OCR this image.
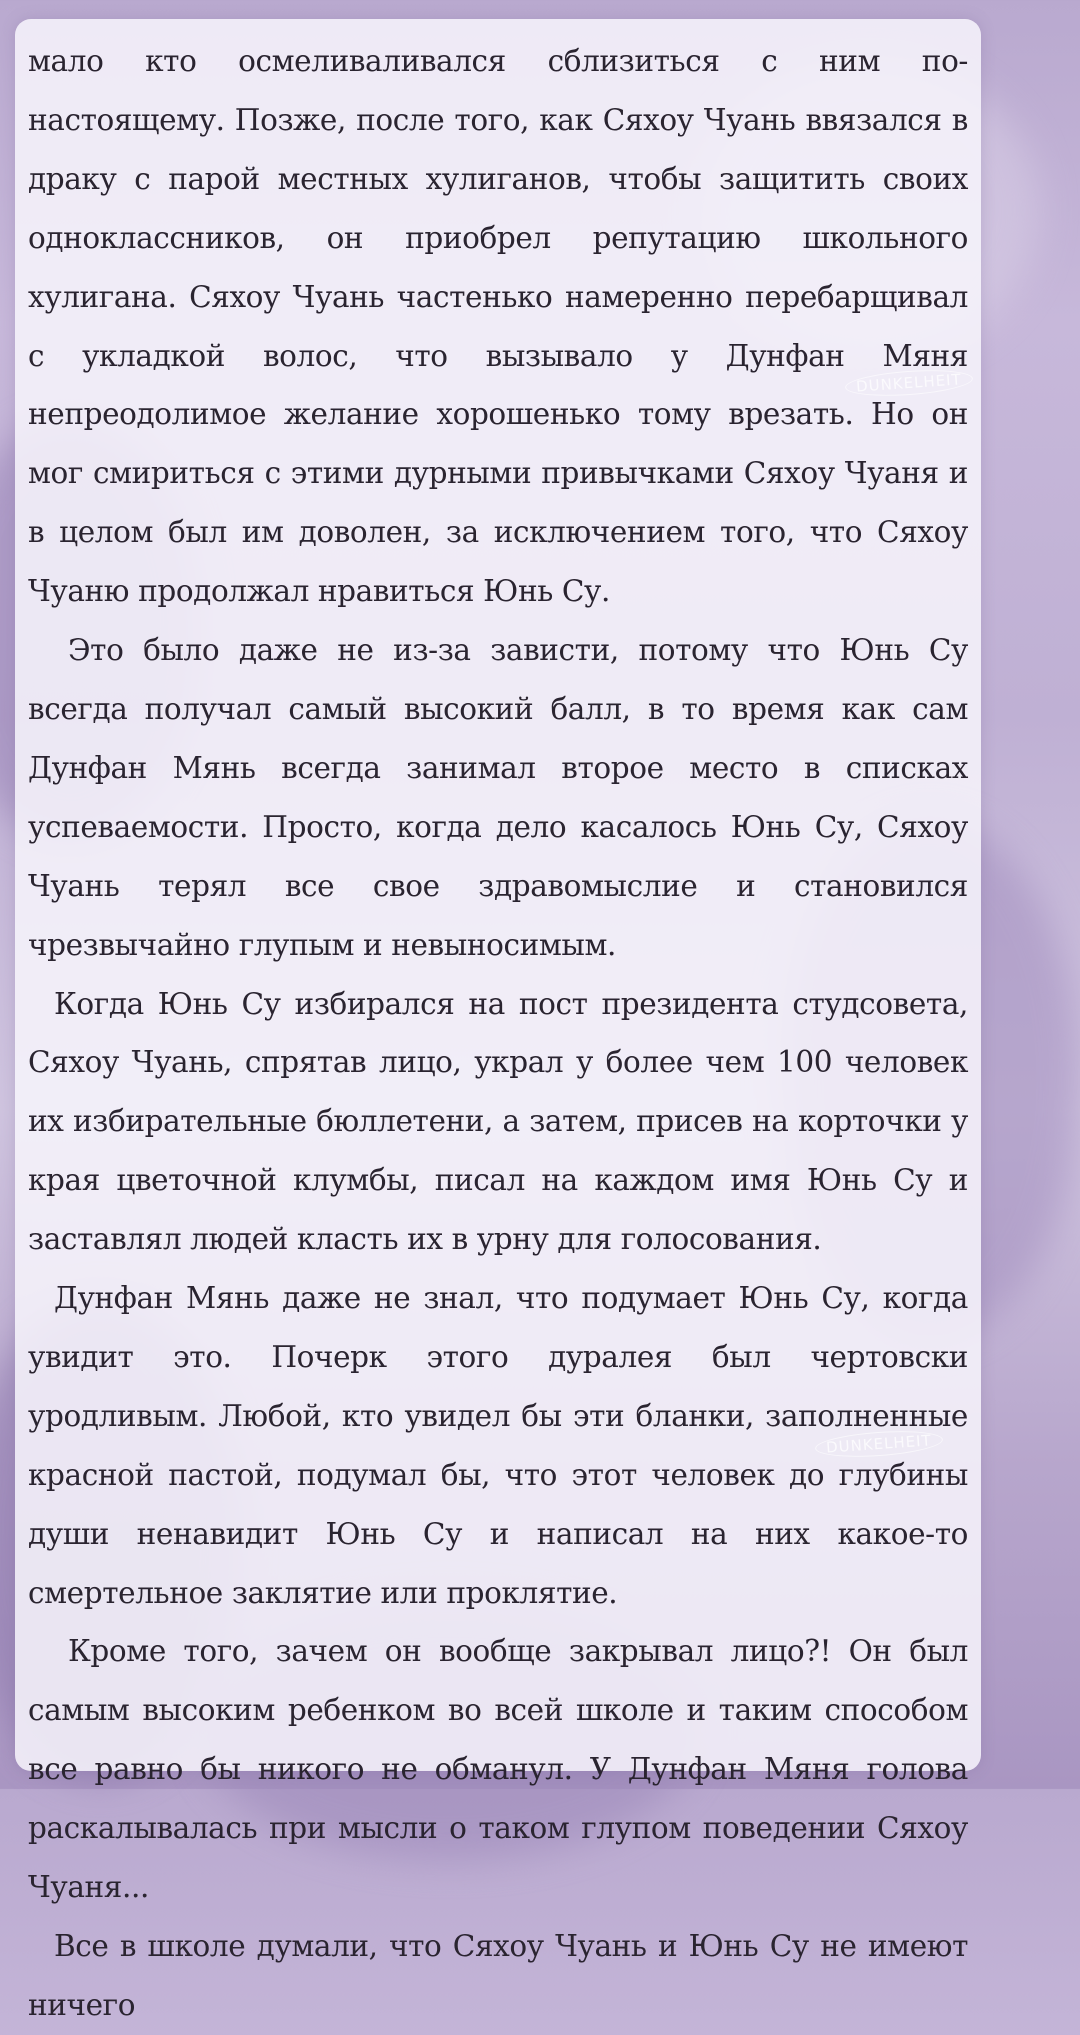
мало кто осмеливаливался сблизиться с ним по-настоящему. Позже, после того, как Сяхоу Чуань ввязался в драку с парой местных хулиганов, чтобы защитить своих одноклассников, он приобрел репутацию школьного хулигана. Сяхоу Чуань частенько намеренно перебарщивал с укладкой волос, что вызывало у Дунфан Мяня непреодолимое желание хорошенько тому врезать. Но он мог смириться с этими дурными привычками Сяхоу Чуаня и в целом был им доволен, за исключением того, что Сяхоу Чуаню продолжал нравиться Юнь Су.

Это было даже не из-за зависти, потому что Юнь Су всегда получал самый высокий балл, в то время как сам Дунфан Мянь всегда занимал второе место в списках успеваемости. Просто, когда дело касалось Юнь Су, Сяхоу Чуань терял все свое здравомыслие и становился чрезвычайно глупым и невыносимым.

Когда Юнь Су избирался на пост президента студсовета, Сяхоу Чуань, спрятав лицо, украл у более чем 100 человек их избирательные бюллетени, а затем, присев на корточки у края цветочной клумбы, писал на каждом имя Юнь Су и заставлял людей класть их в урну для голосования.

Дунфан Мянь даже не знал, что подумает Юнь Су, когда увидит это. Почерк этого дуралея был чертовски уродливым. Любой, кто увидел бы эти бланки, заполненные красной пастой, подумал бы, что этот человек до глубины души ненавидит Юнь Су и написал на них какое-то смертельное заклятие или проклятие.

Кроме того, зачем он вообще закрывал лицо?! Он был самым высоким ребенком во всей школе и таким способом все равно бы никого не обманул. У Дунфан Мяня голова раскалывалась при мысли о таком глупом поведении Сяхоу Чуаня...

Все в школе думали, что Сяхоу Чуань и Юнь Су не имеют ничего

DUNKELHEIT
DUNKELHEIT
